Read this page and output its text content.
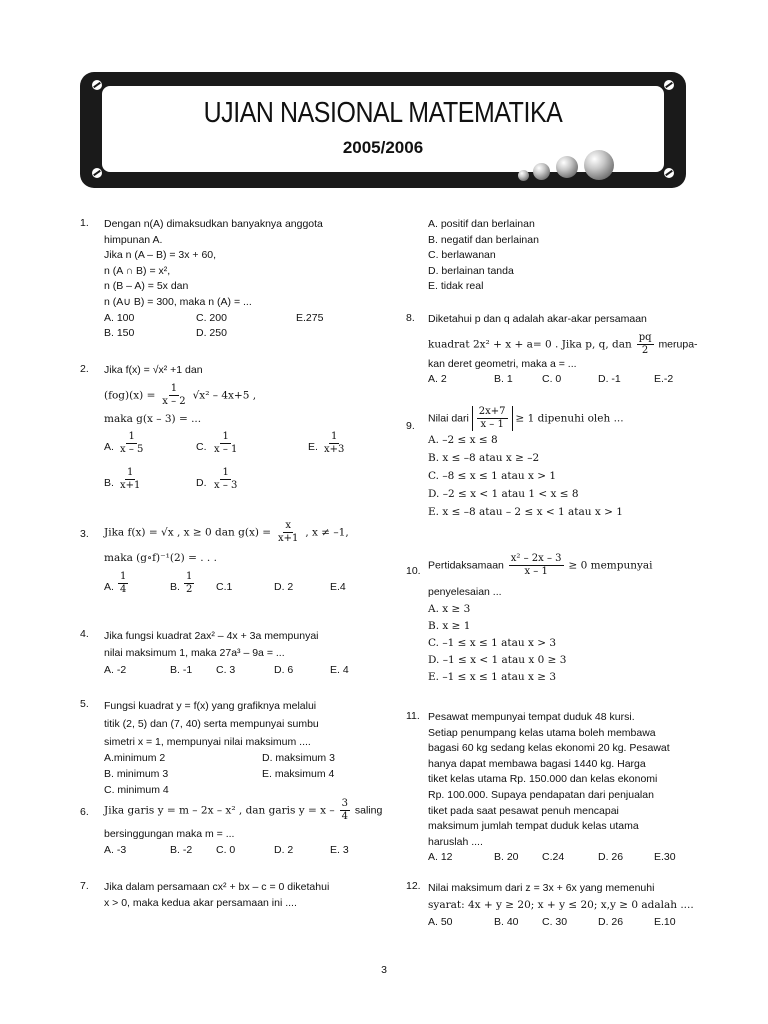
UJIAN NASIONAL MATEMATIKA
2005/2006
1. Dengan n(A) dimaksudkan banyaknya anggota
himpunan A.
Jika n (A – B) = 3x + 60,
n (A ∩ B) = x²,
n (B – A) = 5x dan
n (A∪ B) = 300, maka n (A) = ...
A. 100	C. 200	E.275
B. 150	D. 250
2. Jika f(x) = √x² +1 dan
$(fog)(x) = \frac{1}{x - 2} √x^2 - 4x+5$ ,
maka g(x – 3) = ...
A. $\frac{1}{x - 5}$	C. $\frac{1}{x - 1}$	E. $\frac{1}{x+3}$
B. $\frac{1}{x+1}$	D. $\frac{1}{x - 3}$
3. Jika f(x) = √x , x ≥ 0 dan $g(x) = \frac{x}{x+1}$ , x ≠ –1,
maka (g∘f)⁻¹(2) = . . .
A. $\frac{1}{4}$	B. $\frac{1}{2} C.1$	D. 2	E.4
4. Jika fungsi kuadrat 2ax² – 4x + 3a mempunyai
nilai maksimum 1, maka 27a³ – 9a = ...
A. -2	B. -1 C. 3	D. 6	E. 4
5. Fungsi kuadrat y = f(x) yang grafiknya melalui
titik (2, 5) dan (7, 40) serta mempunyai sumbu
simetri x = 1, mempunyai nilai maksimum ....
A.minimum 2	D. maksimum 3
B. minimum 3	E. maksimum 4
C. minimum 4
6. Jika garis y = m – 2x – x² , dan garis $y = x - \frac{3}{4}$ saling
bersinggungan maka m = ...
A. -3	B. -2 C. 0	D. 2	E. 3
7. Jika dalam persamaan cx² + bx – c = 0 diketahui
x > 0, maka kedua akar persamaan ini ....
A. positif dan berlainan
B. negatif dan berlainan
C. berlawanan
D. berlainan tanda
E. tidak real
8. Diketahui p dan q adalah akar-akar persamaan
kuadrat 2x² + x + a= 0 . Jika p, q, dan $\frac{pq}{2}$ merupa-
kan deret geometri, maka a = ...
A. 2	B. 1	C. 0	D. -1	E.-2
9.
Nilai dari $\frac{2x+7}{x - 1} \ge 1$ dipenuhi oleh ...
A. –2 ≤ x ≤ 8
B. x ≤ –8 atau x ≥ –2
C. –8 ≤ x ≤ 1 atau x > 1
D. –2 ≤ x < 1 atau 1 < x ≤ 8
E. x ≤ –8 atau – 2 ≤ x < 1 atau x > 1
10. Pertidaksamaan $\frac{\text{x² – 2x – 3}}{x - 1} \ge 0$ mempunyai
penyelesaian ...
A. x ≥ 3
B. x ≥ 1
C. –1 ≤ x ≤ 1 atau x > 3
D. –1 ≤ x < 1 atau x 0 ≥ 3
E. –1 ≤ x ≤ 1 atau x ≥ 3
11. Pesawat mempunyai tempat duduk 48 kursi.
Setiap penumpang kelas utama boleh membawa
bagasi 60 kg sedang kelas ekonomi 20 kg. Pesawat
hanya dapat membawa bagasi 1440 kg. Harga
tiket kelas utama Rp. 150.000 dan kelas ekonomi
Rp. 100.000. Supaya pendapatan dari penjualan
tiket pada saat pesawat penuh mencapai
maksimum jumlah tempat duduk kelas utama
haruslah ....
A. 12	B. 20 C.24	D. 26	E.30
12. Nilai maksimum dari z = 3x + 6x yang memenuhi
syarat: 4x + y ≥ 20; x + y ≤ 20; x,y ≥ 0 adalah ....
A. 50	B. 40 C. 30	D. 26	E.10
3
